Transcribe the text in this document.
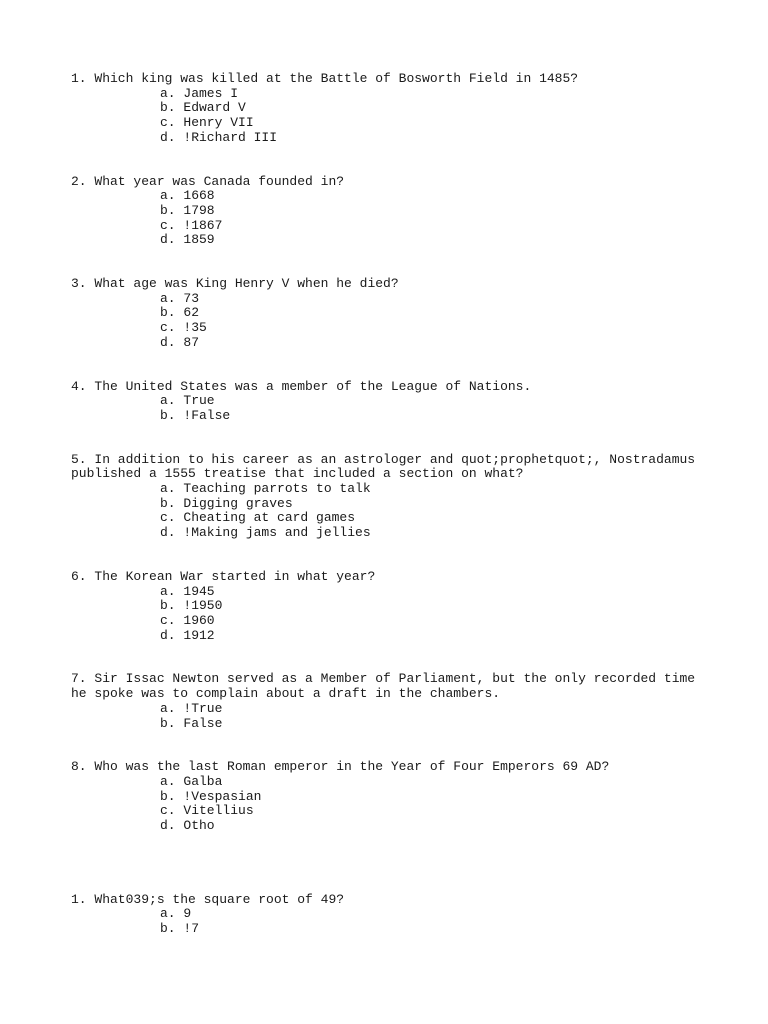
1. Which king was killed at the Battle of Bosworth Field in 1485?
a. James I
b. Edward V
c. Henry VII
d. !Richard III
2. What year was Canada founded in?
a. 1668
b. 1798
c. !1867
d. 1859
3. What age was King Henry V when he died?
a. 73
b. 62
c. !35
d. 87
4. The United States was a member of the League of Nations.
a. True
b. !False
5. In addition to his career as an astrologer and quot;prophetquot;, Nostradamus published a 1555 treatise that included a section on what?
a. Teaching parrots to talk
b. Digging graves
c. Cheating at card games
d. !Making jams and jellies
6. The Korean War started in what year?
a. 1945
b. !1950
c. 1960
d. 1912
7. Sir Issac Newton served as a Member of Parliament, but the only recorded time he spoke was to complain about a draft in the chambers.
a. !True
b. False
8. Who was the last Roman emperor in the Year of Four Emperors 69 AD?
a. Galba
b. !Vespasian
c. Vitellius
d. Otho
1. What039;s the square root of 49?
a. 9
b. !7
